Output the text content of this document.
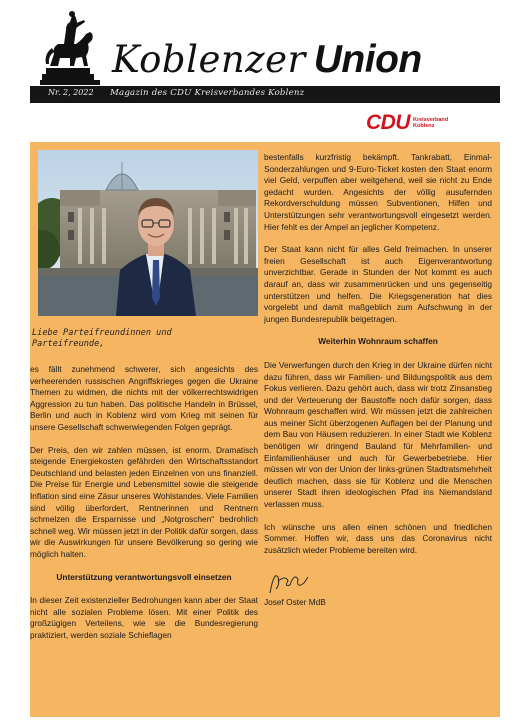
Koblenzer Union
Nr. 2, 2022 Magazin des CDU Kreisverbandes Koblenz
CDU Kreisverband
Koblenz
Liebe Parteifreundinnen und
Parteifreunde,

es fällt zunehmend schwerer, sich angesichts des verheerenden russischen Angriffskrieges gegen die Ukraine Themen zu widmen, die nichts mit der völkerrechtswidrigen Aggression zu tun haben. Das politische Handeln in Brüssel, Berlin und auch in Koblenz wird vom Krieg mit seinen für unsere Gesellschaft schwerwiegenden Folgen geprägt.

Der Preis, den wir zahlen müssen, ist enorm. Dramatisch steigende Energiekosten gefährden den Wirtschaftsstandort Deutschland und belasten jeden Einzelnen von uns finanziell. Die Preise für Energie und Lebensmittel sowie die steigende Inflation sind eine Zäsur unseres Wohlstandes. Viele Familien sind völlig überfordert, Rentnerinnen und Rentnern schmelzen die Ersparnisse und „Notgroschen“ bedrohlich schnell weg. Wir müssen jetzt in der Politik dafür sorgen, dass wir die Auswirkungen für unsere Bevölkerung so gering wie möglich halten.

Unterstützung verantwortungsvoll einsetzen

In dieser Zeit existenzieller Bedrohungen kann aber der Staat nicht alle sozialen Probleme lösen. Mit einer Politik des großzügigen Verteilens, wie sie die Bundesregierung praktiziert, werden soziale Schieflagen

bestenfalls kurzfristig bekämpft. Tankrabatt, Einmal-Sonderzahlungen und 9-Euro-Ticket kosten den Staat enorm viel Geld, verpuffen aber weitgehend, weil sie nicht zu Ende gedacht wurden. Angesichts der völlig ausufernden Rekordverschuldung müssen Subventionen, Hilfen und Unterstützungen sehr verantwortungsvoll eingesetzt werden. Hier fehlt es der Ampel an jeglicher Kompetenz.

Der Staat kann nicht für alles Geld freimachen. In unserer freien Gesellschaft ist auch Eigenverantwortung unverzichtbar. Gerade in Stunden der Not kommt es auch darauf an, dass wir zusammenrücken und uns gegenseitig unterstützen und helfen. Die Kriegsgeneration hat dies vorgelebt und damit maßgeblich zum Aufschwung in der jungen Bundesrepublik beigetragen.

Weiterhin Wohnraum schaffen

Die Verwerfungen durch den Krieg in der Ukraine dürfen nicht dazu führen, dass wir Familien- und Bildungspolitik aus dem Fokus verlieren. Dazu gehört auch, dass wir trotz Zinsanstieg und der Verteuerung der Baustoffe noch dafür sorgen, dass Wohnraum geschaffen wird. Wir müssen jetzt die zahlreichen aus meiner Sicht überzogenen Auflagen bei der Planung und dem Bau von Häusern reduzieren. In einer Stadt wie Koblenz benötigen wir dringend Bauland für Mehrfamilien- und Einfamilienhäuser und auch für Gewerbebetriebe. Hier müssen wir von der Union der links-grünen Stadtratsmehrheit deutlich machen, dass sie für Koblenz und die Menschen unserer Stadt ihren ideologischen Pfad ins Niemandsland verlassen muss.

Ich wünsche uns allen einen schönen und friedlichen Sommer. Hoffen wir, dass uns das Coronavirus nicht zusätzlich wieder Probleme bereiten wird.

Josef Oster MdB
